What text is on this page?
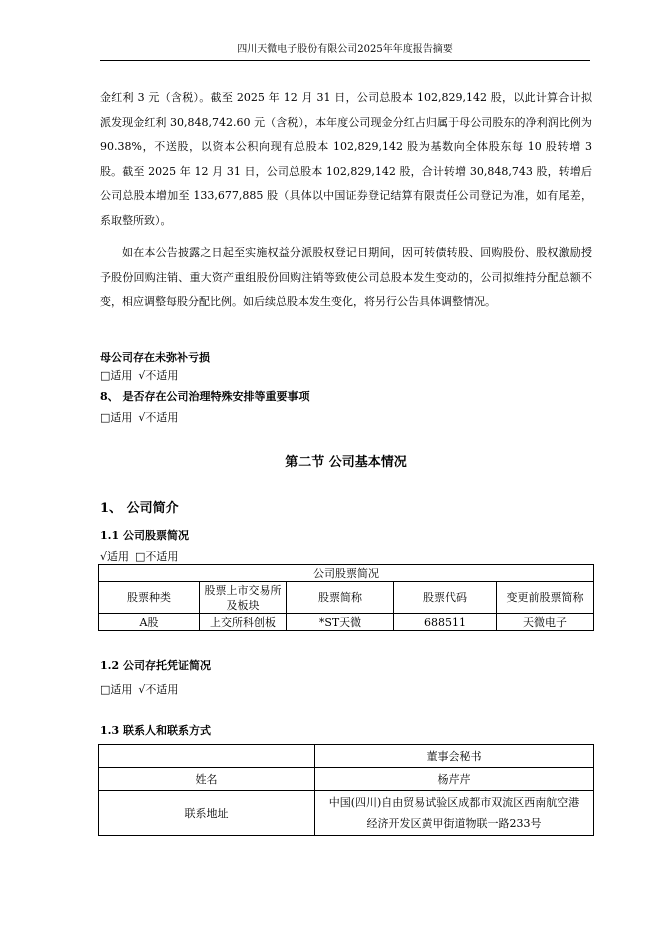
四川天微电子股份有限公司2025年年度报告摘要

金红利 3 元（含税）。截至 2025 年 12 月 31 日，公司总股本 102,829,142 股，以此计算合计拟派发现金红利 30,848,742.60 元（含税），本年度公司现金分红占归属于母公司股东的净利润比例为 90.38%，不送股，以资本公积向现有总股本 102,829,142 股为基数向全体股东每 10 股转增 3 股。截至 2025 年 12 月 31 日，公司总股本 102,829,142 股，合计转增 30,848,743 股，转增后公司总股本增加至 133,677,885 股（具体以中国证券登记结算有限责任公司登记为准，如有尾差，系取整所致）。

如在本公告披露之日起至实施权益分派股权登记日期间，因可转债转股、回购股份、股权激励授予股份回购注销、重大资产重组股份回购注销等致使公司总股本发生变动的，公司拟维持分配总额不变，相应调整每股分配比例。如后续总股本发生变化，将另行公告具体调整情况。

母公司存在未弥补亏损
□适用 √不适用
8、 是否存在公司治理特殊安排等重要事项
□适用 √不适用
第二节 公司基本情况
1、 公司简介
1.1 公司股票简况
√适用 □不适用
公司股票简况				
股票种类	股票上市交易所及板块	股票简称	股票代码	变更前股票简称
A股	上交所科创板	*ST天微	688511	天微电子
1.2 公司存托凭证简况
□适用 √不适用
1.3 联系人和联系方式
	董事会秘书
姓名	杨芹芹
联系地址	中国(四川)自由贸易试验区成都市双流区西南航空港
经济开发区黄甲街道物联一路233号
